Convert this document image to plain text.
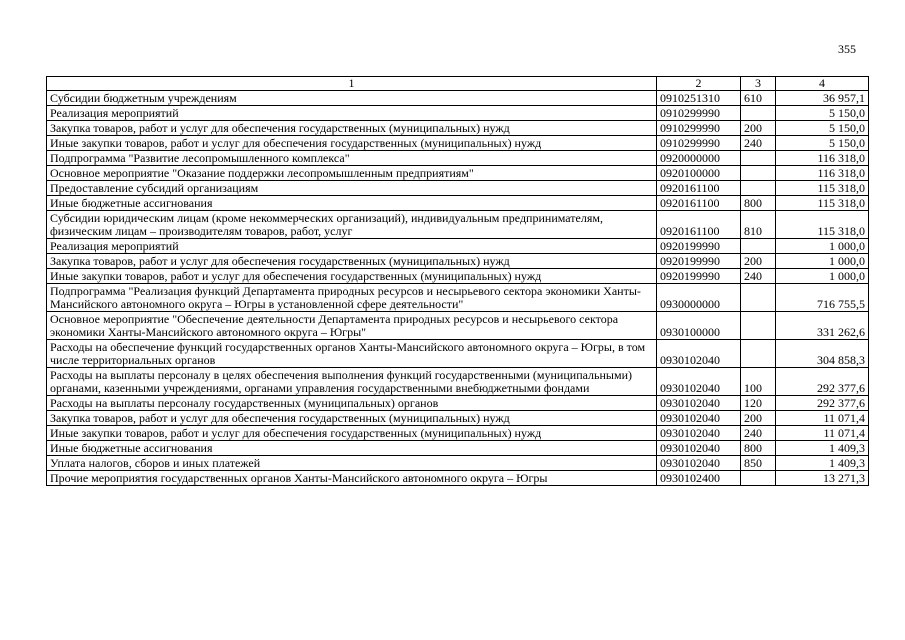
355
1	2	3	4
Субсидии бюджетным учреждениям	0910251310	610	36 957,1
Реализация мероприятий	0910299990		5 150,0
Закупка товаров, работ и услуг для обеспечения государственных (муниципальных) нужд	0910299990	200	5 150,0
Иные закупки товаров, работ и услуг для обеспечения государственных (муниципальных) нужд	0910299990	240	5 150,0
Подпрограмма "Развитие лесопромышленного комплекса"	0920000000		116 318,0
Основное мероприятие "Оказание поддержки лесопромышленным предприятиям"	0920100000		116 318,0
Предоставление субсидий организациям	0920161100		115 318,0
Иные бюджетные ассигнования	0920161100	800	115 318,0
Субсидии юридическим лицам (кроме некоммерческих организаций), индивидуальным предпринимателям, физическим лицам – производителям товаров, работ, услуг	0920161100	810	115 318,0
Реализация мероприятий	0920199990		1 000,0
Закупка товаров, работ и услуг для обеспечения государственных (муниципальных) нужд	0920199990	200	1 000,0
Иные закупки товаров, работ и услуг для обеспечения государственных (муниципальных) нужд	0920199990	240	1 000,0
Подпрограмма "Реализация функций Департамента природных ресурсов и несырьевого сектора экономики Ханты-Мансийского автономного округа – Югры в установленной сфере деятельности"	0930000000		716 755,5
Основное мероприятие "Обеспечение деятельности Департамента природных ресурсов и несырьевого сектора экономики Ханты-Мансийского автономного округа – Югры"	0930100000		331 262,6
Расходы на обеспечение функций государственных органов Ханты-Мансийского автономного округа – Югры, в том числе территориальных органов	0930102040		304 858,3
Расходы на выплаты персоналу в целях обеспечения выполнения функций государственными (муниципальными) органами, казенными учреждениями, органами управления государственными внебюджетными фондами	0930102040	100	292 377,6
Расходы на выплаты персоналу государственных (муниципальных) органов	0930102040	120	292 377,6
Закупка товаров, работ и услуг для обеспечения государственных (муниципальных) нужд	0930102040	200	11 071,4
Иные закупки товаров, работ и услуг для обеспечения государственных (муниципальных) нужд	0930102040	240	11 071,4
Иные бюджетные ассигнования	0930102040	800	1 409,3
Уплата налогов, сборов и иных платежей	0930102040	850	1 409,3
Прочие мероприятия государственных органов Ханты-Мансийского автономного округа – Югры	0930102400		13 271,3
